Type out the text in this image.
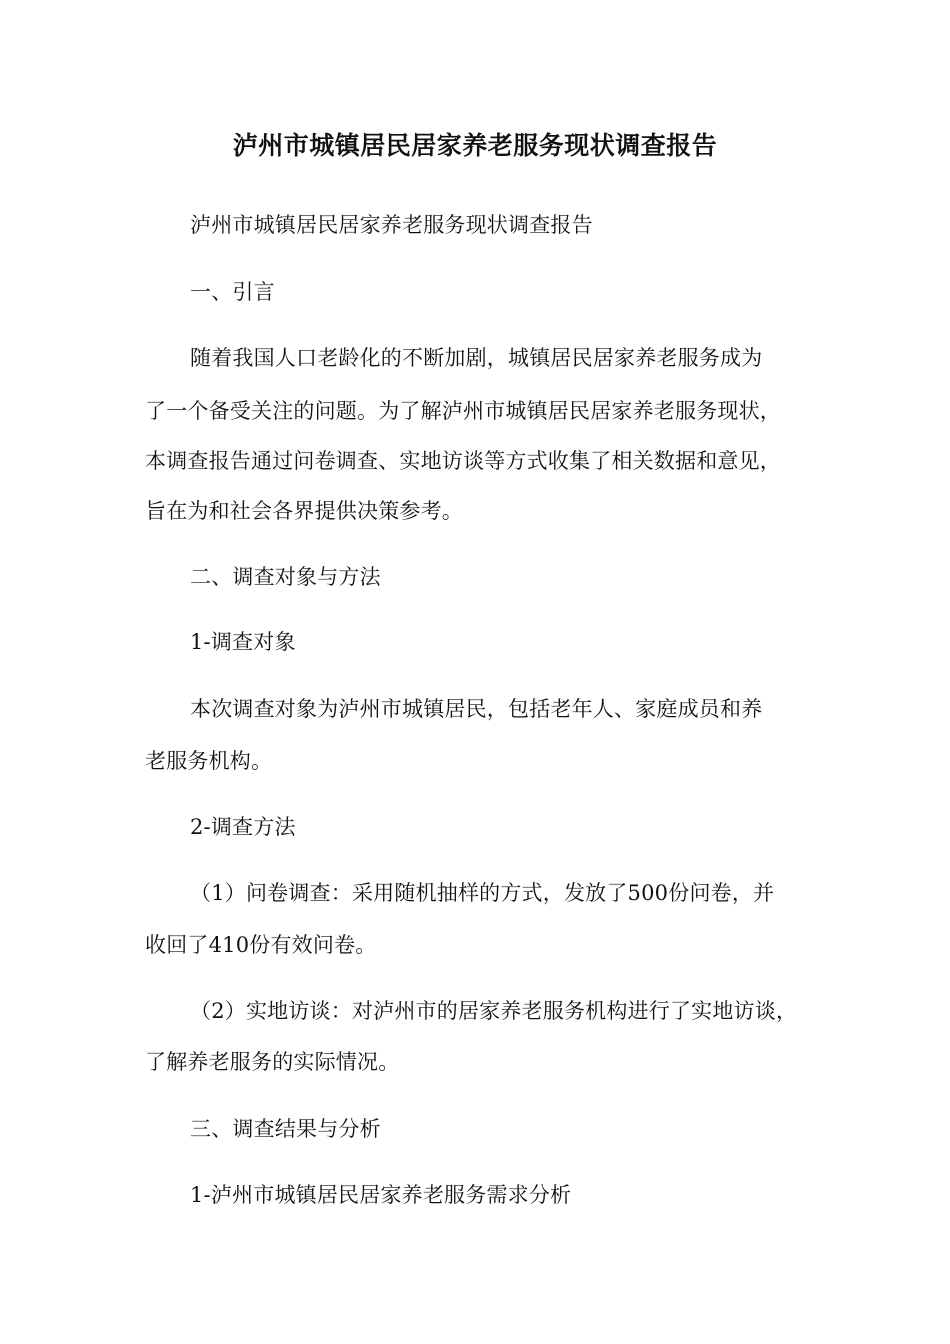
泸州市城镇居民居家养老服务现状调查报告
泸州市城镇居民居家养老服务现状调查报告
一、引言
随着我国人口老龄化的不断加剧，城镇居民居家养老服务成为
了一个备受关注的问题。为了解泸州市城镇居民居家养老服务现状，
本调查报告通过问卷调查、实地访谈等方式收集了相关数据和意见，
旨在为和社会各界提供决策参考。
二、调查对象与方法
1-调查对象
本次调查对象为泸州市城镇居民，包括老年人、家庭成员和养
老服务机构。
2-调查方法
（1）问卷调查：采用随机抽样的方式，发放了500份问卷，并
收回了410份有效问卷。
（2）实地访谈：对泸州市的居家养老服务机构进行了实地访谈，
了解养老服务的实际情况。
三、调查结果与分析
1-泸州市城镇居民居家养老服务需求分析
